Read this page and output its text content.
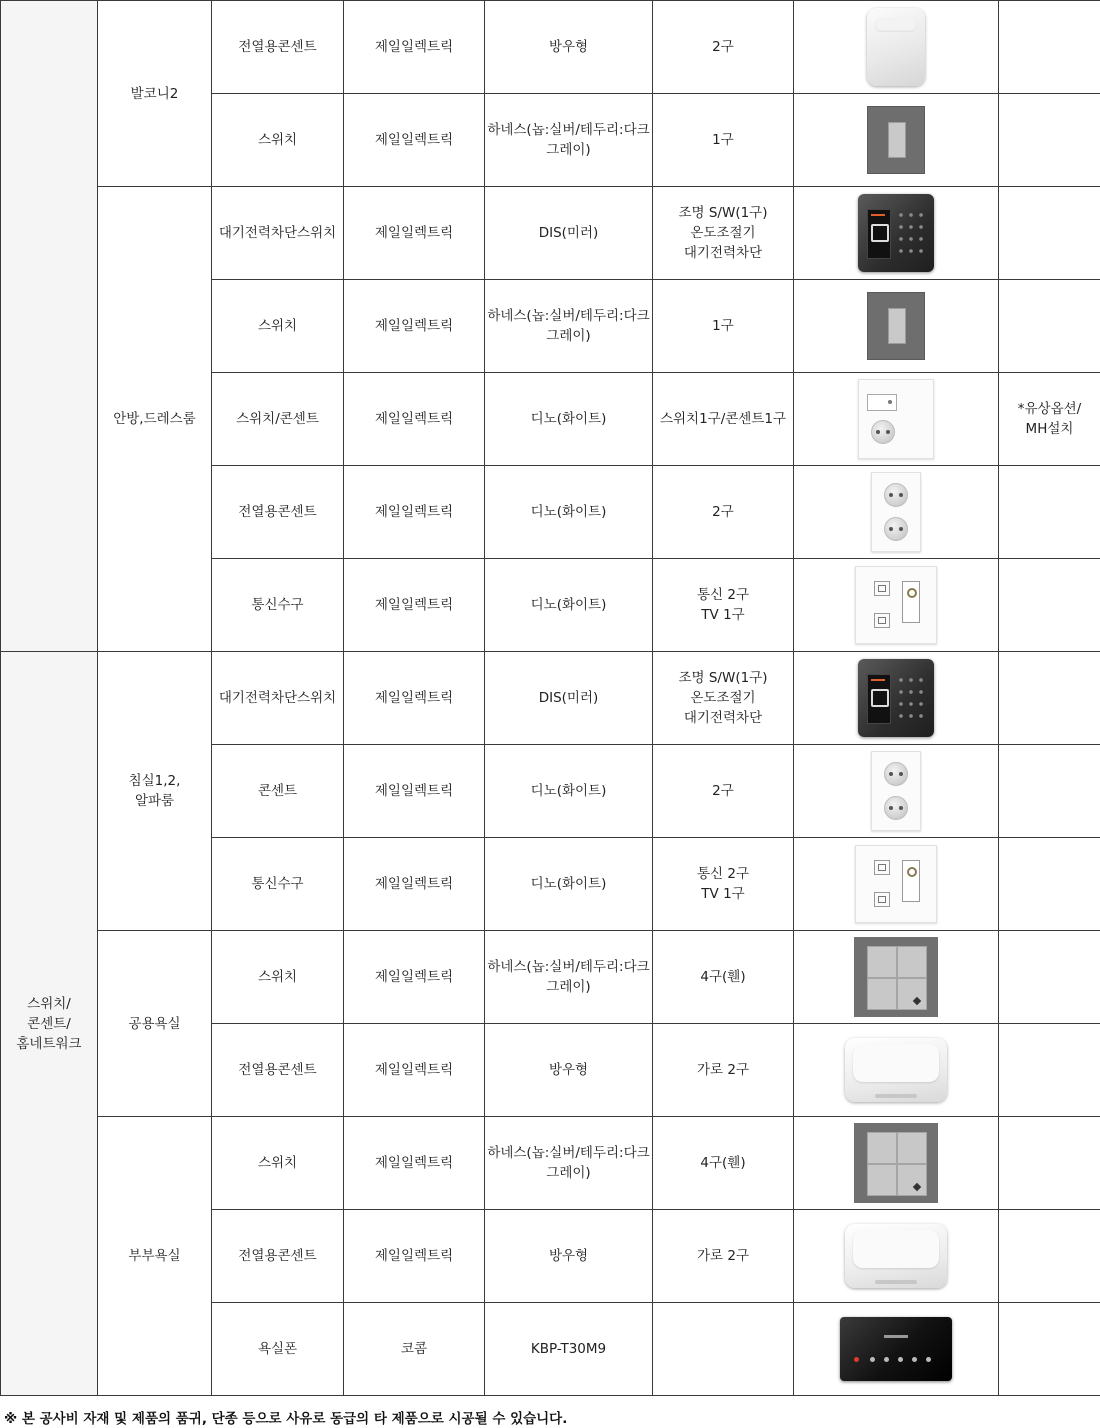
	발코니2	전열용콘센트	제일일렉트릭	방우형	2구		
		스위치	제일일렉트릭	하네스(놉:실버/테두리:다크
그레이)	1구		
	안방,드레스룸	대기전력차단스위치	제일일렉트릭	DIS(미러)	조명 S/W(1구)
온도조절기
대기전력차단	

		스위치	제일일렉트릭	하네스(놉:실버/테두리:다크
그레이)	1구		
		스위치/콘센트	제일일렉트릭	디노(화이트)	스위치1구/콘센트1구		*유상옵션/
MH설치
		전열용콘센트	제일일렉트릭	디노(화이트)	2구	

		통신수구	제일일렉트릭	디노(화이트)	통신 2구
TV 1구	

스위치/
콘센트/
홈네트워크	침실1,2,
알파룸	대기전력차단스위치	제일일렉트릭	DIS(미러)	조명 S/W(1구)
온도조절기
대기전력차단	

		콘센트	제일일렉트릭	디노(화이트)	2구	

		통신수구	제일일렉트릭	디노(화이트)	통신 2구
TV 1구	

	공용욕실	스위치	제일일렉트릭	하네스(놉:실버/테두리:다크
그레이)	4구(휀)	

		전열용콘센트	제일일렉트릭	방우형	가로 2구		
	부부욕실	스위치	제일일렉트릭	하네스(놉:실버/테두리:다크
그레이)	4구(휀)	

		전열용콘센트	제일일렉트릭	방우형	가로 2구		
		욕실폰	코콤	KBP-T30M9		

※ 본 공사비 자재 및 제품의 품귀, 단종 등으로 사유로 동급의 타 제품으로 시공될 수 있습니다.
